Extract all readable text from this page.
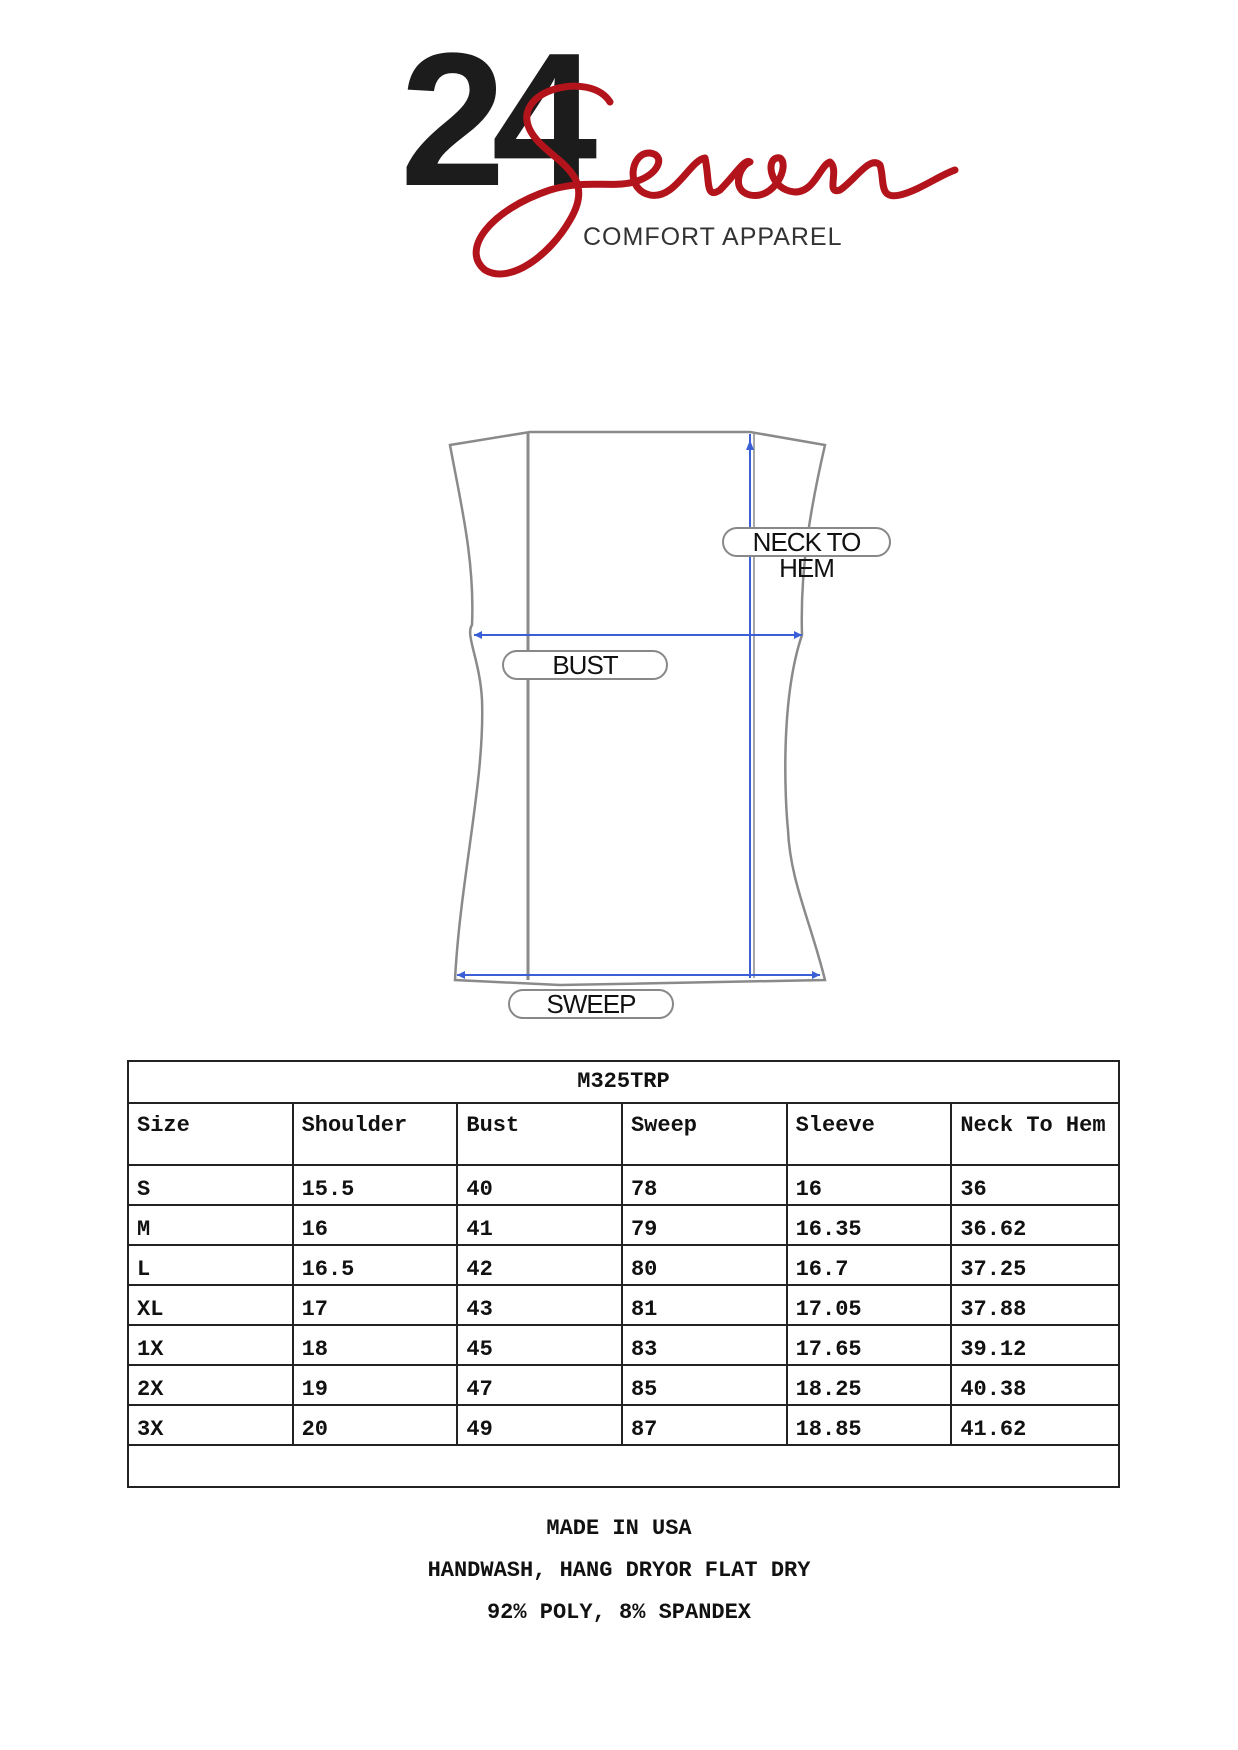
24
COMFORT APPAREL
NECK TO HEM
BUST
SWEEP
M325TRP					
Size	Shoulder	Bust	Sweep	Sleeve	Neck To Hem
S	15.5	40	78	16	36
M	16	41	79	16.35	36.62
L	16.5	42	80	16.7	37.25
XL	17	43	81	17.05	37.88
1X	18	45	83	17.65	39.12
2X	19	47	85	18.25	40.38
3X	20	49	87	18.85	41.62

MADE IN USA
HANDWASH, HANG DRYOR FLAT DRY
92% POLY, 8% SPANDEX
